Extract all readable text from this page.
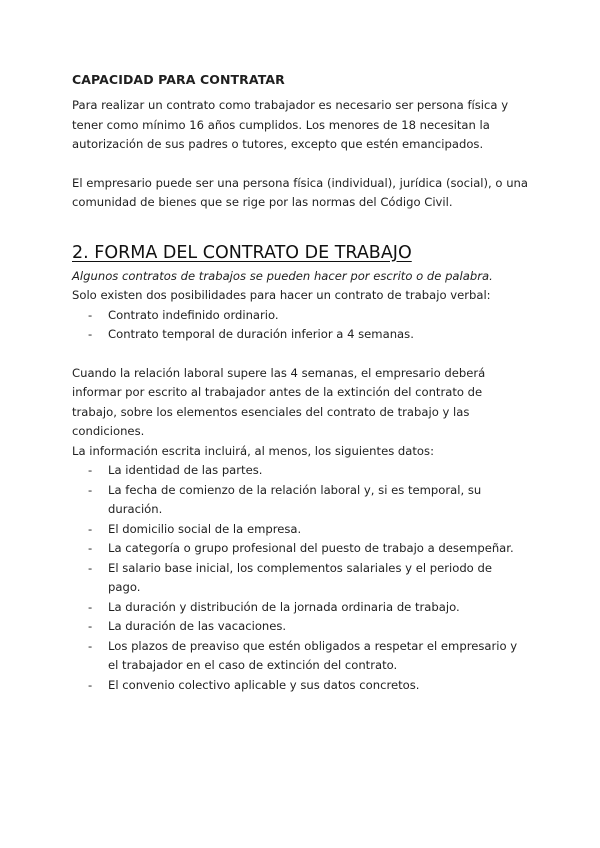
CAPACIDAD PARA CONTRATAR

Para realizar un contrato como trabajador es necesario ser persona física y tener como mínimo 16 años cumplidos. Los menores de 18 necesitan la autorización de sus padres o tutores, excepto que estén emancipados.

El empresario puede ser una persona física (individual), jurídica (social), o una comunidad de bienes que se rige por las normas del Código Civil.

2. FORMA DEL CONTRATO DE TRABAJO

Algunos contratos de trabajos se pueden hacer por escrito o de palabra.

Solo existen dos posibilidades para hacer un contrato de trabajo verbal:

- Contrato indefinido ordinario.
- Contrato temporal de duración inferior a 4 semanas.

Cuando la relación laboral supere las 4 semanas, el empresario deberá informar por escrito al trabajador antes de la extinción del contrato de trabajo, sobre los elementos esenciales del contrato de trabajo y las condiciones.

La información escrita incluirá, al menos, los siguientes datos:

- La identidad de las partes.
- La fecha de comienzo de la relación laboral y, si es temporal, su duración.
- El domicilio social de la empresa.
- La categoría o grupo profesional del puesto de trabajo a desempeñar.
- El salario base inicial, los complementos salariales y el periodo de pago.
- La duración y distribución de la jornada ordinaria de trabajo.
- La duración de las vacaciones.
- Los plazos de preaviso que estén obligados a respetar el empresario y el trabajador en el caso de extinción del contrato.
- El convenio colectivo aplicable y sus datos concretos.
